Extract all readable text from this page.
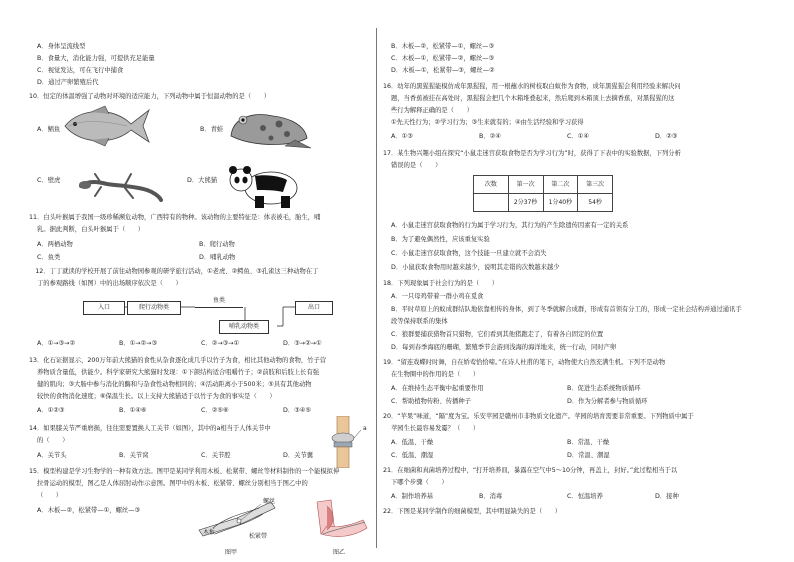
A．身体呈流线型
B．食量大，消化能力强，可提供充足能量
C．视觉发达，可在飞行中捕食
D．通过产卵繁殖后代
10．恒定的体温增强了动物对环境的适应能力，下列动物中属于恒温动物的是（　　）
A．鲳鱼	B．青蛙
C．壁虎	D．大熊猫
11．白头叶猴属于我国一级珍稀濒危动物，广西特有的物种。该动物的主要特征是：体表被毛，胎生，哺
乳。据此判断，白头叶猴属于（　　）
A．两栖动物	B．爬行动物
C．鱼类	D．哺乳动物
　12．丁丁就读的学校开展了前往动物园参观的研学旅行活动，①老虎、②鳄鱼、③孔雀这三种动物在丁
丁的参观路线（如图）中的出场顺序依次是（　　）
入口	爬行动物类
鱼类
哺乳动物类
出口
A．①→③→②	B．①→②→③	C．②→③→①	D．③→②→①
13．化石证据显示，200万年前大熊猫的食性从杂食逐化成几乎以竹子为食，相比其他动物的食物，竹子营
养物质含量低，供能少。科学家研究大熊猫时发现：①下颌结构适合咀嚼竹子；②前肢和后肢上长有强
健的肌肉；③大肠中参与消化的酶和与杂食性动物相同的；④活动距离小于500米；⑤具有其他动物
较快的食物消化速度；⑥保温生长。以上支持大熊猫适于以竹子为食的事实是（　　）
A．①②③	B．①④⑥	C．②⑤⑥	D．③④⑤
14．如果膝关节严重磨损，往往需要置换人工关节（如图），其中的a相当于人体关节中
的（　　）
A．关节头	B．关节窝	C．关节腔	D．关节囊
a
15．模型构建是学习生物学的一种有效方法。图甲是某同学利用木板、松紧带、螺丝等材料制作的一个能模拟伸
拉骨运动的模型，图乙是人体屈肘动作示意图。图甲中的木板、松紧带、螺丝分别相当于图乙中的
（　　）
A．木板—②，松紧带—①，螺丝—③
螺丝
木板
松紧带
图甲	图乙
B．木板—②，松紧带—①，螺丝—③
C．木板—①，松紧带—②，螺丝—③
D．木板—①，松紧带—③，螺丝—②
16．幼年的黑猩猩能模仿成年黑猩猩，用一根蘸水的树枝取白蚁作为食物，成年黑猩猩会利用经验来解决问
题，当香蕉被挂在高处时，黑猩猩会把几个木箱堆叠起来，然后爬到木箱顶上去摘香蕉，对黑猩猩的这
些行为解释正确的是（　　）
①先天性行为；②学习行为；③生来就有的；④由生活经验和学习获得
A．①③	B．②④	C．①④	D．②③
17．某生物兴趣小组在探究“小鼠走迷宫获取食物是否为学习行为”时，获得了下表中的实验数据，下列分析
错误的是（　　）
次数	第一次	第二次	第三次
	2分37秒	1分40秒	54秒
A．小鼠走迷宫获取食物的行为属于学习行为，其行为的产生除遗传因素有一定的关系
B．为了避免偶然性，应该重复实验
C．小鼠走迷宫获取食物，这个技能一旦建立就不会消失
D．小鼠获取食物用时越来越少，说明其走错的次数越来越少
18．下列现象属于社会行为的是（　　）
A．一只母鸡带着一群小鸡在觅食
B．平时草原上的蚁成群结队地依靠相传的身体，到了冬季就解合成群，形成有首领有分工的，形成一定社会结构并通过通讯手
段等保持联系的集体
C．狼群要捕获猎物首只猎物，它们看到其他猪跑走了，有着各自固定的位置
D．每到春季海底的珊瑚，繁殖季节会游到浅海的海洋地来，统一行动，同时产卵
19．“留连戏蝶时时舞，自在娇莺恰恰啼。”在诗人杜甫的笔下，动物使大自然充满生机。下列不是动物
在生物圈中的作用的是（　　）
A．在维持生态平衡中起重要作用	B．促进生态系统物质循环
C．帮助植物传粉、传播种子	D．作为分解者参与物质循环
20．“苹果”味道，“隔”度为宝。乐安苹园是赣州市非物质文化遗产。苹园的培育需要非常重要。下列物质中属于
苹园生长最容易发霉？（　　）
A．低温、干燥	B．常温、干燥
C．低温、潮湿	D．常温、潮湿
21．在细菌和真菌培养过程中，“打开培养皿，暴露在空气中5～10分钟，再盖上，封好。”此过程相当于以
下哪个步骤（　　）
A．制作培养基	B．消毒	C．恒温培养	D．接种
22．下图是某同学制作的细菌模型，其中明显缺失的是（　　）
